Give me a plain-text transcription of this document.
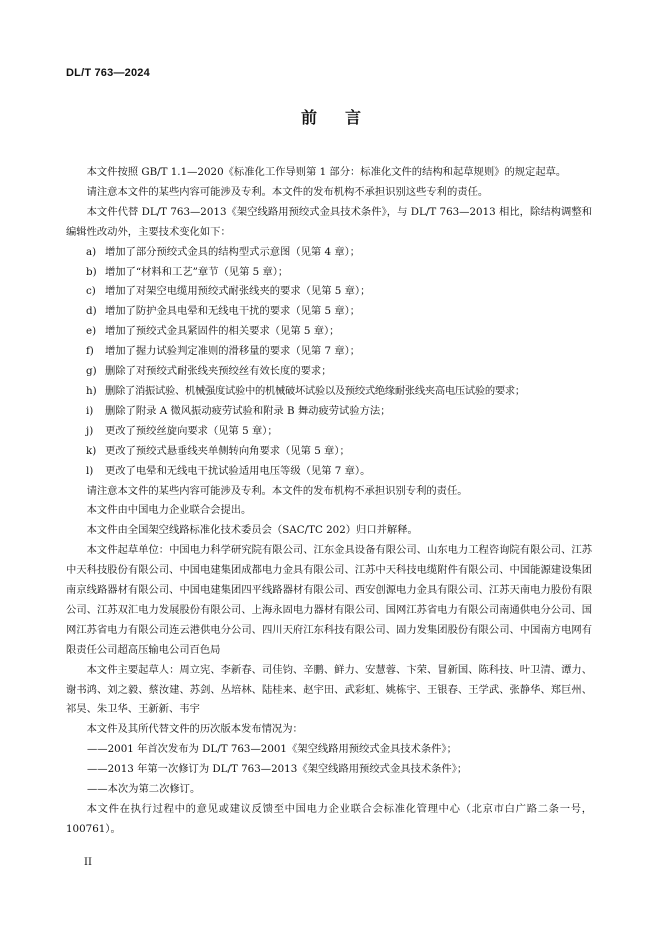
DL/T 763—2024
前言

本文件按照 GB/T 1.1—2020《标准化工作导则第 1 部分：标准化文件的结构和起草规则》的规定起草。

请注意本文件的某些内容可能涉及专利。本文件的发布机构不承担识别这些专利的责任。

本文件代替 DL/T 763—2013《架空线路用预绞式金具技术条件》，与 DL/T 763—2013 相比，除结构调整和编辑性改动外，主要技术变化如下：

a) 增加了部分预绞式金具的结构型式示意图（见第 4 章）；
b) 增加了“材料和工艺”章节（见第 5 章）；
c) 增加了对架空电缆用预绞式耐张线夹的要求（见第 5 章）；
d) 增加了防护金具电晕和无线电干扰的要求（见第 5 章）；
e) 增加了预绞式金具紧固件的相关要求（见第 5 章）；
f)	增加了握力试验判定准则的滑移量的要求（见第 7 章）；
g) 删除了对预绞式耐张线夹预绞丝有效长度的要求；
h) 删除了消振试验、机械强度试验中的机械破坏试验以及预绞式绝缘耐张线夹高电压试验的要求；
i)	删除了附录 A 微风振动疲劳试验和附录 B 舞动疲劳试验方法；
j)	更改了预绞丝旋向要求（见第 5 章）；
k) 更改了预绞式悬垂线夹单侧转向角要求（见第 5 章）；
l)	更改了电晕和无线电干扰试验适用电压等级（见第 7 章）。

请注意本文件的某些内容可能涉及专利。本文件的发布机构不承担识别专利的责任。

本文件由中国电力企业联合会提出。

本文件由全国架空线路标准化技术委员会（SAC/TC 202）归口并解释。

本文件起草单位：中国电力科学研究院有限公司、江东金具设备有限公司、山东电力工程咨询院有限公司、江苏中天科技股份有限公司、中国电建集团成都电力金具有限公司、江苏中天科技电缆附件有限公司、中国能源建设集团南京线路器材有限公司、中国电建集团四平线路器材有限公司、西安创源电力金具有限公司、江苏天南电力股份有限公司、江苏双汇电力发展股份有限公司、上海永固电力器材有限公司、国网江苏省电力有限公司南通供电分公司、国网江苏省电力有限公司连云港供电分公司、四川天府江东科技有限公司、固力发集团股份有限公司、中国南方电网有限责任公司超高压输电公司百色局

本文件主要起草人：周立宪、李新春、司佳钧、辛鹏、鲜力、安慧蓉、卞荣、冒新国、陈科技、叶卫清、谭力、谢书鸿、刘之毅、蔡汝建、苏剑、丛培林、陆桂来、赵宇田、武彩虹、姚栋宇、王银春、王学武、张静华、郑巨州、祁昊、朱卫华、王新新、韦宇

本文件及其所代替文件的历次版本发布情况为：

——2001 年首次发布为 DL/T 763—2001《架空线路用预绞式金具技术条件》；

——2013 年第一次修订为 DL/T 763—2013《架空线路用预绞式金具技术条件》；

——本次为第二次修订。

本文件在执行过程中的意见或建议反馈至中国电力企业联合会标准化管理中心（北京市白广路二条一号，100761）。

II
